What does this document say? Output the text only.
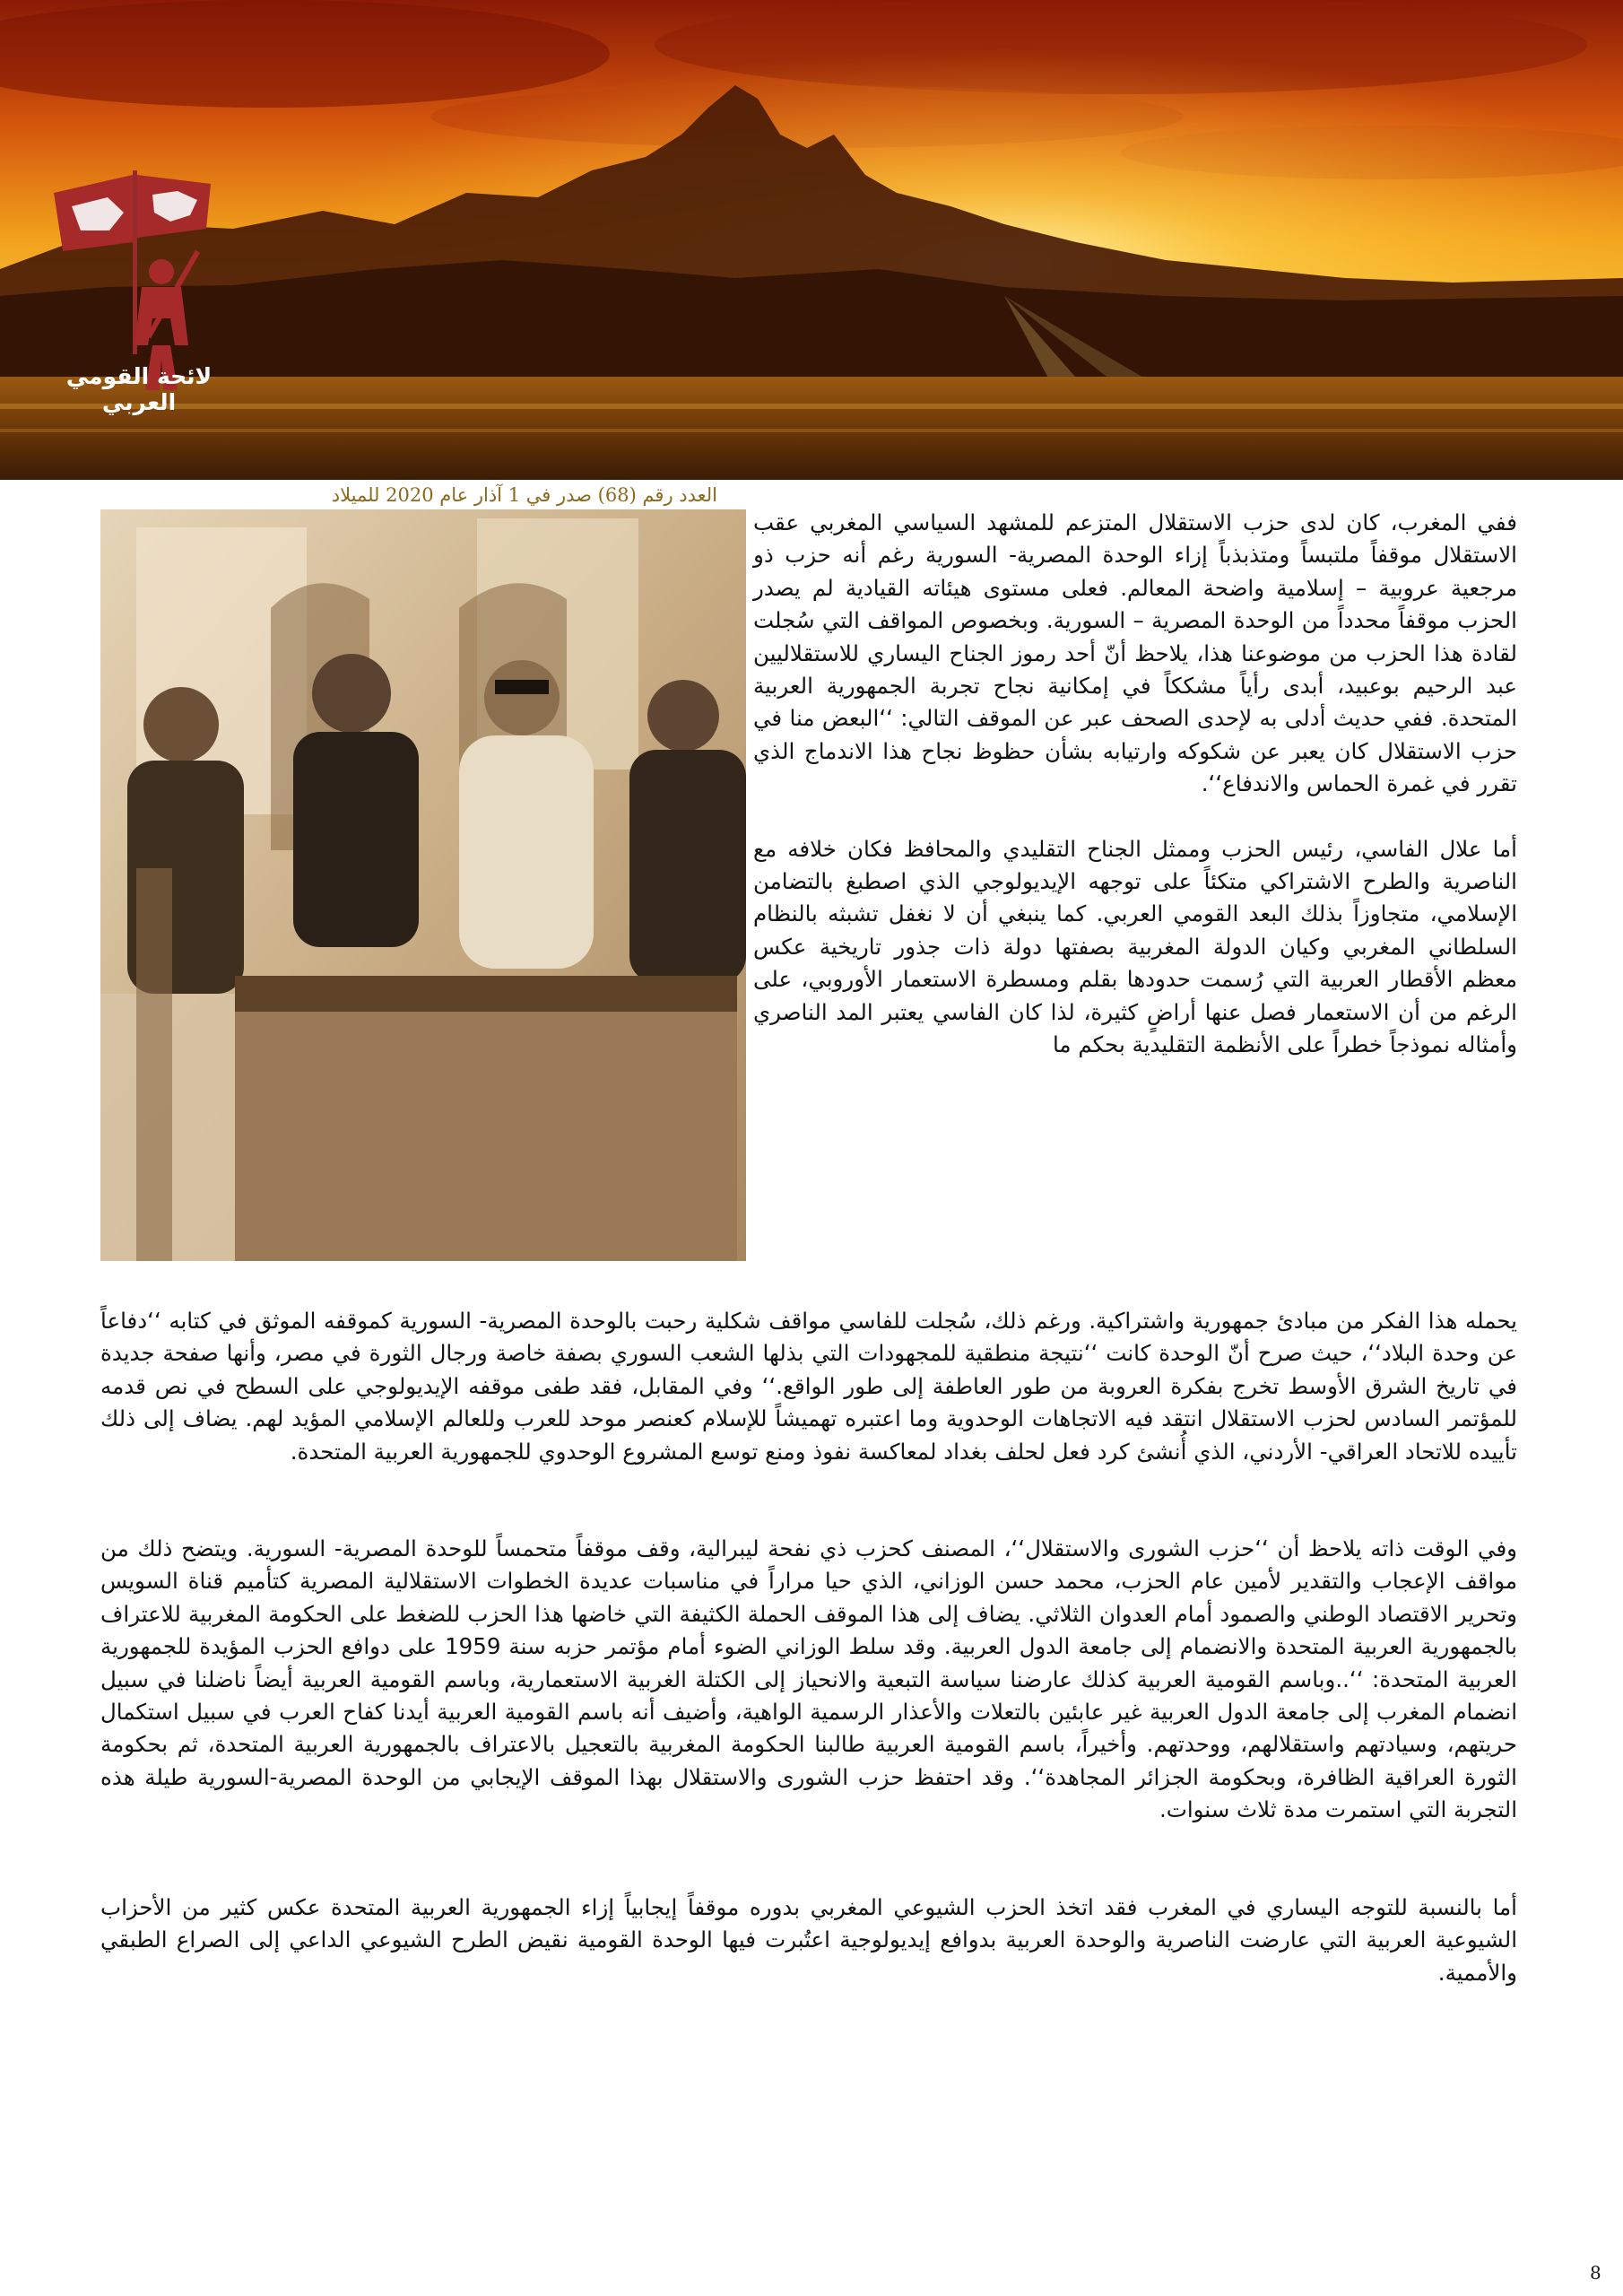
لائحة القومي العربي
العدد رقم (68) صدر في 1 آذار عام 2020 للميلاد

ففي المغرب، كان لدى حزب الاستقلال المتزعم للمشهد السياسي المغربي عقب الاستقلال موقفاً ملتبساً ومتذبذباً إزاء الوحدة المصرية- السورية رغم أنه حزب ذو مرجعية عروبية – إسلامية واضحة المعالم. فعلى مستوى هيئاته القيادية لم يصدر الحزب موقفاً محدداً من الوحدة المصرية – السورية. وبخصوص المواقف التي سُجلت لقادة هذا الحزب من موضوعنا هذا، يلاحظ أنّ أحد رموز الجناح اليساري للاستقلاليين عبد الرحيم بوعبيد، أبدى رأياً مشككاً في إمكانية نجاح تجربة الجمهورية العربية المتحدة. ففي حديث أدلى به لإحدى الصحف عبر عن الموقف التالي: ‘‘البعض منا في حزب الاستقلال كان يعبر عن شكوكه وارتيابه بشأن حظوظ نجاح هذا الاندماج الذي تقرر في غمرة الحماس والاندفاع‘‘.

أما علال الفاسي، رئيس الحزب وممثل الجناح التقليدي والمحافظ فكان خلافه مع الناصرية والطرح الاشتراكي متكئاً على توجهه الإيديولوجي الذي اصطبغ بالتضامن الإسلامي، متجاوزاً بذلك البعد القومي العربي. كما ينبغي أن لا نغفل تشبثه بالنظام السلطاني المغربي وكيان الدولة المغربية بصفتها دولة ذات جذور تاريخية عكس معظم الأقطار العربية التي رُسمت حدودها بقلم ومسطرة الاستعمار الأوروبي، على الرغم من أن الاستعمار فصل عنها أراضٍ كثيرة، لذا كان الفاسي يعتبر المد الناصري وأمثاله نموذجاً خطراً على الأنظمة التقليدية بحكم ما

يحمله هذا الفكر من مبادئ جمهورية واشتراكية. ورغم ذلك، سُجلت للفاسي مواقف شكلية رحبت بالوحدة المصرية- السورية كموقفه الموثق في كتابه ‘‘دفاعاً عن وحدة البلاد‘‘، حيث صرح أنّ الوحدة كانت ‘‘نتيجة منطقية للمجهودات التي بذلها الشعب السوري بصفة خاصة ورجال الثورة في مصر، وأنها صفحة جديدة في تاريخ الشرق الأوسط تخرج بفكرة العروبة من طور العاطفة إلى طور الواقع.‘‘ وفي المقابل، فقد طفى موقفه الإيديولوجي على السطح في نص قدمه للمؤتمر السادس لحزب الاستقلال انتقد فيه الاتجاهات الوحدوية وما اعتبره تهميشاً للإسلام كعنصر موحد للعرب وللعالم الإسلامي المؤيد لهم. يضاف إلى ذلك تأييده للاتحاد العراقي- الأردني، الذي أُنشئ كرد فعل لحلف بغداد لمعاكسة نفوذ ومنع توسع المشروع الوحدوي للجمهورية العربية المتحدة.

وفي الوقت ذاته يلاحظ أن ‘‘حزب الشورى والاستقلال‘‘، المصنف كحزب ذي نفحة ليبرالية، وقف موقفاً متحمساً للوحدة المصرية- السورية. ويتضح ذلك من مواقف الإعجاب والتقدير لأمين عام الحزب، محمد حسن الوزاني، الذي حيا مراراً في مناسبات عديدة الخطوات الاستقلالية المصرية كتأميم قناة السويس وتحرير الاقتصاد الوطني والصمود أمام العدوان الثلاثي. يضاف إلى هذا الموقف الحملة الكثيفة التي خاضها هذا الحزب للضغط على الحكومة المغربية للاعتراف بالجمهورية العربية المتحدة والانضمام إلى جامعة الدول العربية. وقد سلط الوزاني الضوء أمام مؤتمر حزبه سنة 1959 على دوافع الحزب المؤيدة للجمهورية العربية المتحدة: ‘‘..وباسم القومية العربية كذلك عارضنا سياسة التبعية والانحياز إلى الكتلة الغربية الاستعمارية، وباسم القومية العربية أيضاً ناضلنا في سبيل انضمام المغرب إلى جامعة الدول العربية غير عابئين بالتعلات والأعذار الرسمية الواهية، وأضيف أنه باسم القومية العربية أيدنا كفاح العرب في سبيل استكمال حريتهم، وسيادتهم واستقلالهم، ووحدتهم. وأخيراً، باسم القومية العربية طالبنا الحكومة المغربية بالتعجيل بالاعتراف بالجمهورية العربية المتحدة، ثم بحكومة الثورة العراقية الظافرة، وبحكومة الجزائر المجاهدة‘‘. وقد احتفظ حزب الشورى والاستقلال بهذا الموقف الإيجابي من الوحدة المصرية-السورية طيلة هذه التجربة التي استمرت مدة ثلاث سنوات.

أما بالنسبة للتوجه اليساري في المغرب فقد اتخذ الحزب الشيوعي المغربي بدوره موقفاً إيجابياً إزاء الجمهورية العربية المتحدة عكس كثير من الأحزاب الشيوعية العربية التي عارضت الناصرية والوحدة العربية بدوافع إيديولوجية اعتُبرت فيها الوحدة القومية نقيض الطرح الشيوعي الداعي إلى الصراع الطبقي والأممية.

8
